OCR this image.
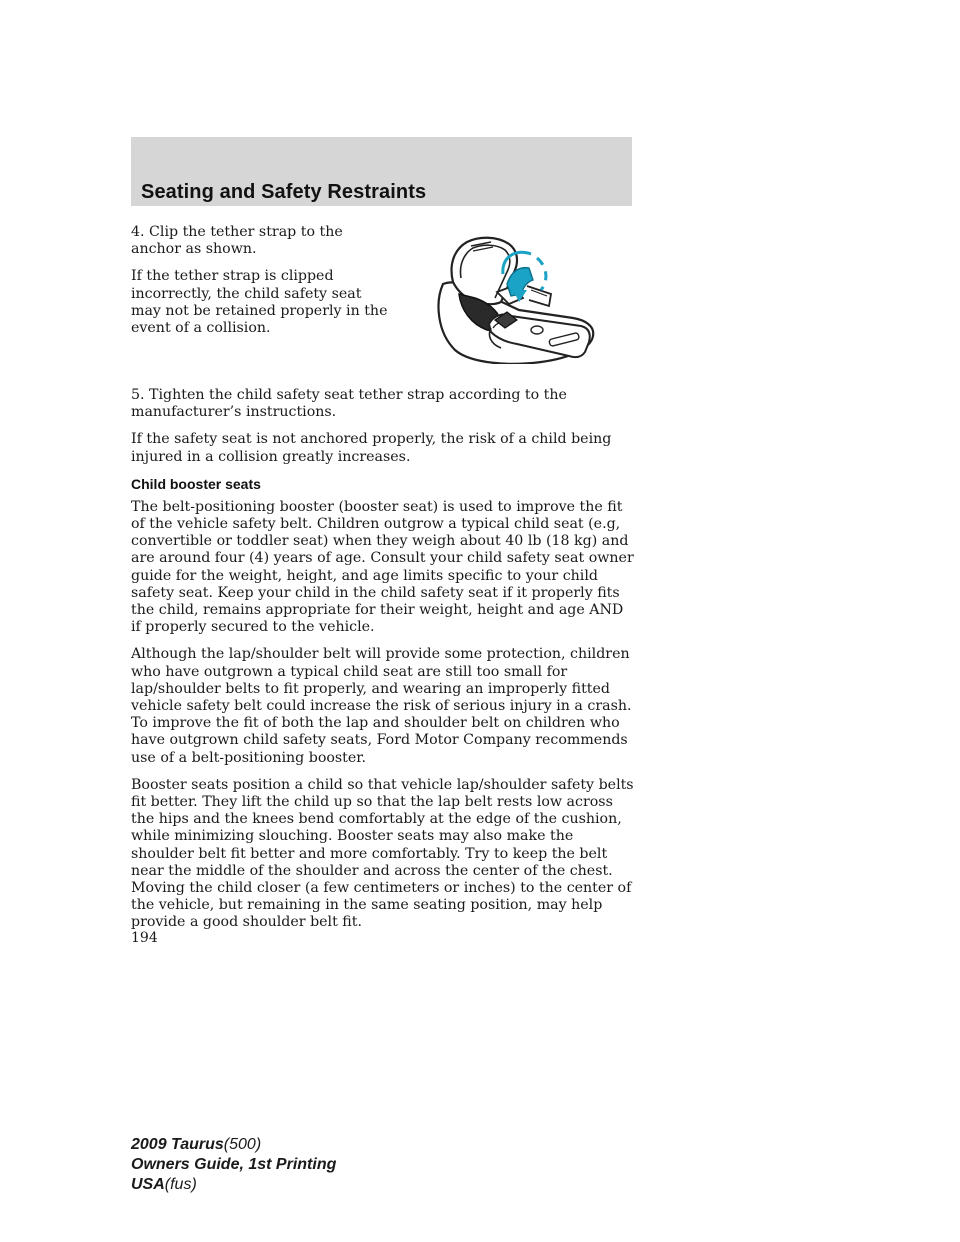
Seating and Safety Restraints

4. Clip the tether strap to the anchor as shown.

If the tether strap is clipped incorrectly, the child safety seat may not be retained properly in the event of a collision.

5. Tighten the child safety seat tether strap according to the manufacturer’s instructions.

If the safety seat is not anchored properly, the risk of a child being injured in a collision greatly increases.

Child booster seats

The belt-positioning booster (booster seat) is used to improve the fit of the vehicle safety belt. Children outgrow a typical child seat (e.g, convertible or toddler seat) when they weigh about 40 lb (18 kg) and are around four (4) years of age. Consult your child safety seat owner guide for the weight, height, and age limits specific to your child safety seat. Keep your child in the child safety seat if it properly fits the child, remains appropriate for their weight, height and age AND if properly secured to the vehicle.

Although the lap/shoulder belt will provide some protection, children who have outgrown a typical child seat are still too small for lap/shoulder belts to fit properly, and wearing an improperly fitted vehicle safety belt could increase the risk of serious injury in a crash. To improve the fit of both the lap and shoulder belt on children who have outgrown child safety seats, Ford Motor Company recommends use of a belt-positioning booster.

Booster seats position a child so that vehicle lap/shoulder safety belts fit better. They lift the child up so that the lap belt rests low across the hips and the knees bend comfortably at the edge of the cushion, while minimizing slouching. Booster seats may also make the shoulder belt fit better and more comfortably. Try to keep the belt near the middle of the shoulder and across the center of the chest. Moving the child closer (a few centimeters or inches) to the center of the vehicle, but remaining in the same seating position, may help provide a good shoulder belt fit.

194
2009 Taurus(500)
Owners Guide, 1st Printing
USA(fus)
